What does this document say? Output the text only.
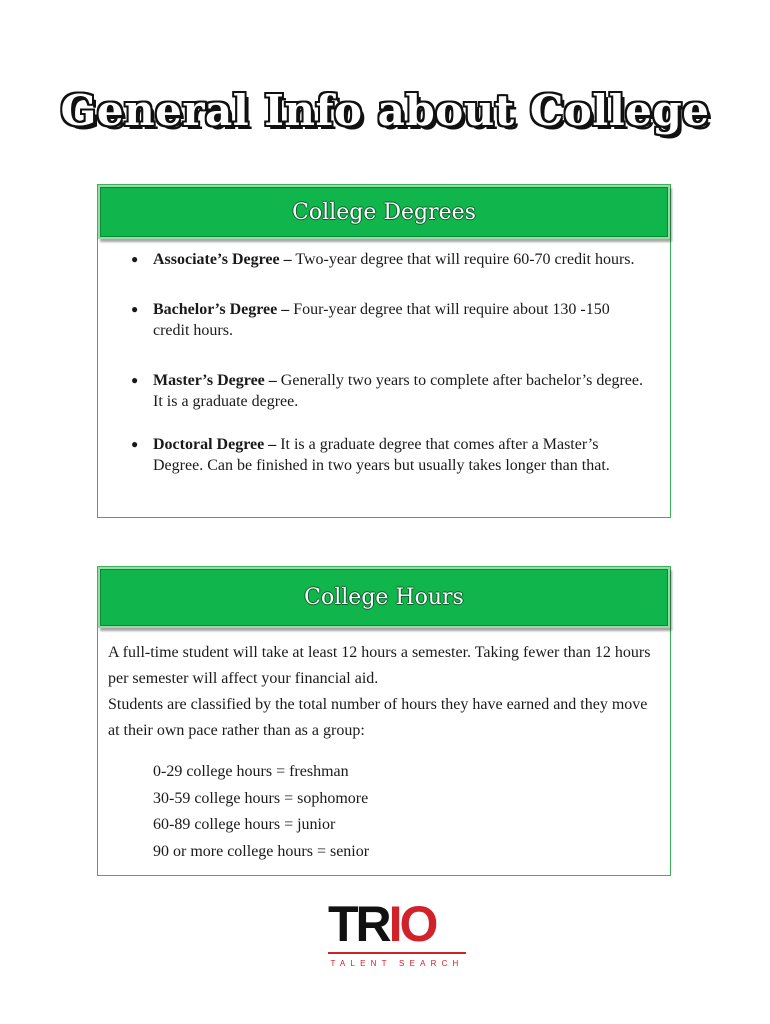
General Info about College
College Degrees
● Associate’s Degree – Two-year degree that will require 60-70 credit hours.
● Bachelor’s Degree – Four-year degree that will require about 130 -150 credit hours.
● Master’s Degree – Generally two years to complete after bachelor’s degree. It is a graduate degree.
● Doctoral Degree – It is a graduate degree that comes after a Master’s Degree. Can be finished in two years but usually takes longer than that.
College Hours

A full-time student will take at least 12 hours a semester. Taking fewer than 12 hours per semester will affect your financial aid.

Students are classified by the total number of hours they have earned and they move at their own pace rather than as a group:

0-29 college hours = freshman
30-59 college hours = sophomore
60-89 college hours = junior
90 or more college hours = senior
TR IO
TALENT SEARCH
